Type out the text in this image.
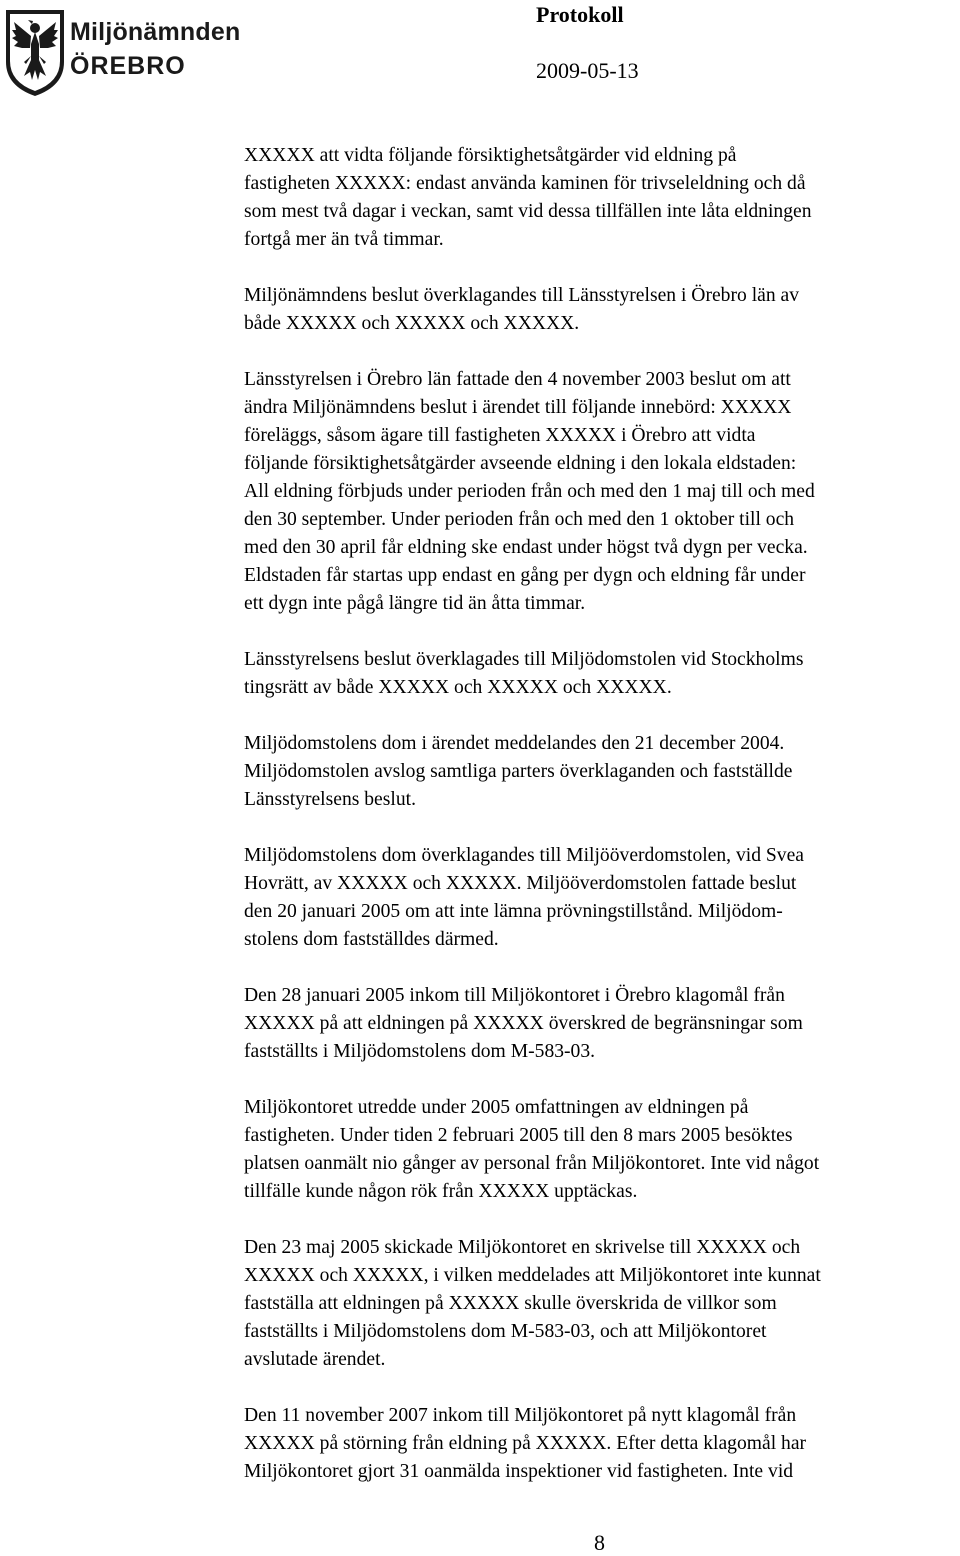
Miljönämnden
ÖREBRO
Protokoll
2009-05-13

XXXXX att vidta följande försiktighetsåtgärder vid eldning på
fastigheten XXXXX: endast använda kaminen för trivseleldning och då
som mest två dagar i veckan, samt vid dessa tillfällen inte låta eldningen
fortgå mer än två timmar.

Miljönämndens beslut överklagandes till Länsstyrelsen i Örebro län av
både XXXXX och XXXXX och XXXXX.

Länsstyrelsen i Örebro län fattade den 4 november 2003 beslut om att
ändra Miljönämndens beslut i ärendet till följande innebörd: XXXXX
föreläggs, såsom ägare till fastigheten XXXXX i Örebro att vidta
följande försiktighetsåtgärder avseende eldning i den lokala eldstaden:
All eldning förbjuds under perioden från och med den 1 maj till och med
den 30 september. Under perioden från och med den 1 oktober till och
med den 30 april får eldning ske endast under högst två dygn per vecka.
Eldstaden får startas upp endast en gång per dygn och eldning får under
ett dygn inte pågå längre tid än åtta timmar.

Länsstyrelsens beslut överklagades till Miljödomstolen vid Stockholms
tingsrätt av både XXXXX och XXXXX och XXXXX.

Miljödomstolens dom i ärendet meddelandes den 21 december 2004.
Miljödomstolen avslog samtliga parters överklaganden och fastställde
Länsstyrelsens beslut.

Miljödomstolens dom överklagandes till Miljööverdomstolen, vid Svea
Hovrätt, av XXXXX och XXXXX. Miljööverdomstolen fattade beslut
den 20 januari 2005 om att inte lämna prövningstillstånd. Miljödom-
stolens dom fastställdes därmed.

Den 28 januari 2005 inkom till Miljökontoret i Örebro klagomål från
XXXXX på att eldningen på XXXXX överskred de begränsningar som
fastställts i Miljödomstolens dom M-583-03.

Miljökontoret utredde under 2005 omfattningen av eldningen på
fastigheten. Under tiden 2 februari 2005 till den 8 mars 2005 besöktes
platsen oanmält nio gånger av personal från Miljökontoret. Inte vid något
tillfälle kunde någon rök från XXXXX upptäckas.

Den 23 maj 2005 skickade Miljökontoret en skrivelse till XXXXX och
XXXXX och XXXXX, i vilken meddelades att Miljökontoret inte kunnat
fastställa att eldningen på XXXXX skulle överskrida de villkor som
fastställts i Miljödomstolens dom M-583-03, och att Miljökontoret
avslutade ärendet.

Den 11 november 2007 inkom till Miljökontoret på nytt klagomål från
XXXXX på störning från eldning på XXXXX. Efter detta klagomål har
Miljökontoret gjort 31 oanmälda inspektioner vid fastigheten. Inte vid

8
